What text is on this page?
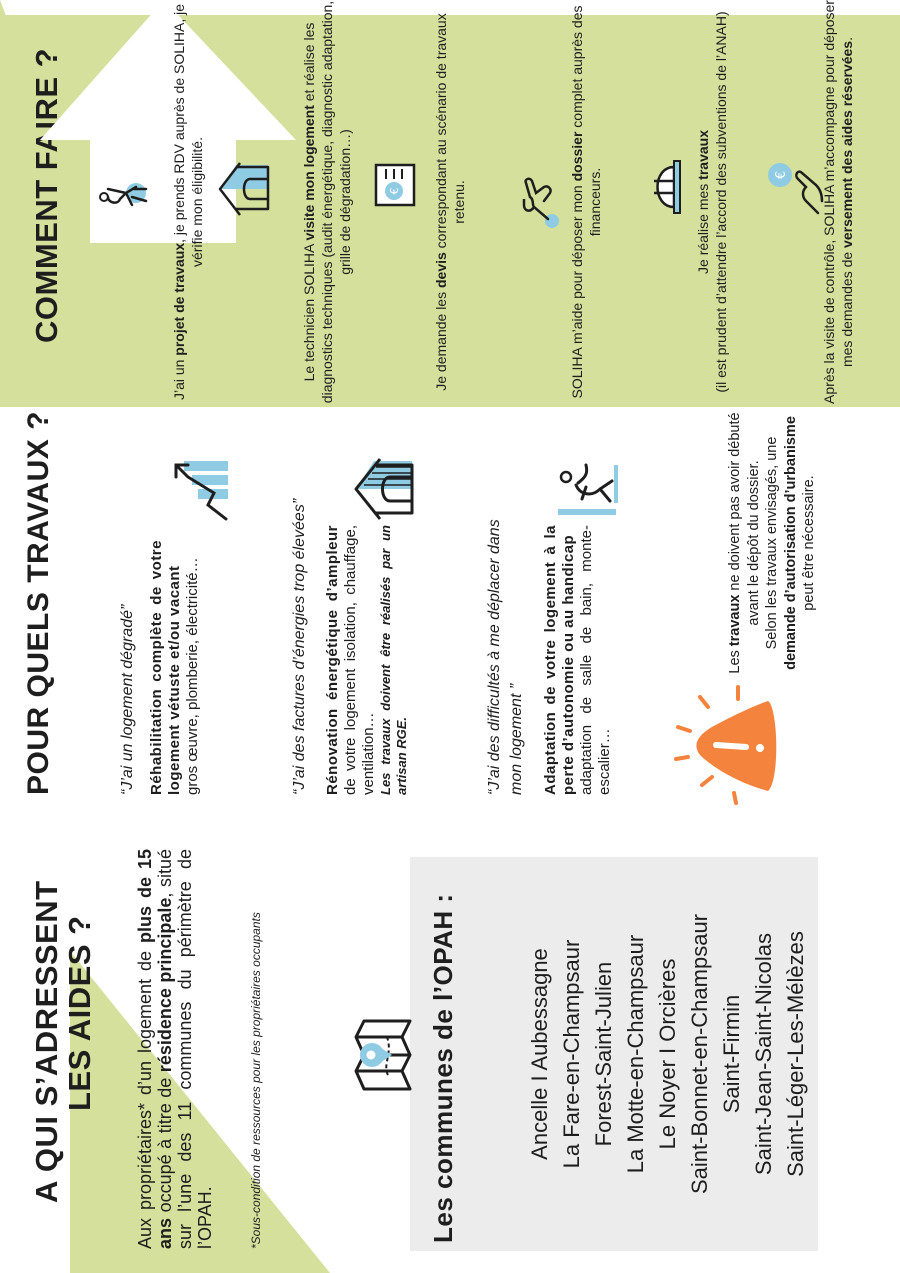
A QUI S’ADRESSENT
LES AIDES ? Aux propriétaires* d’un logement de plus de 15 ans occupé à titre de résidence principale, situé sur l’une des 11 communes du périmètre de l’OPAH.	*Sous-condition de ressources pour les propriétaires occupants	Les communes de l’OPAH :	Ancelle I Aubessagne La Fare-en-Champsaur Forest-Saint-Julien La Motte-en-Champsaur Le Noyer I Orcières Saint-Bonnet-en-Champsaur Saint-Firmin Saint-Jean-Saint-Nicolas Saint-Léger-Les-Mélèzes
POUR QUELS TRAVAUX ?	“J’ai un logement dégradé” Réhabilitation complète de votre logement vétuste et/ou vacant gros œuvre, plomberie, électricité…	“J’ai des factures d’énergies trop élevées” Rénovation énergétique d’ampleur de votre logement isolation, chauffage, ventilation… Les travaux doivent être réalisés par un artisan RGE.	“J’ai des difficultés à me déplacer dans mon logement ” Adaptation de votre logement à la perte d’autonomie ou au handicap adaptation de salle de bain, monte-escalier…
Les travaux ne doivent pas avoir débuté avant le dépôt du dossier. Selon les travaux envisagés, une demande d’autorisation d’urbanisme peut être nécessaire.
COMMENT FAIRE ?	€
€
J’ai un projet de travaux, je prends RDV auprès de SOLIHA, je vérifie mon éligibilité.
Le technicien SOLIHA visite mon logement et réalise les diagnostics techniques (audit énergétique, diagnostic adaptation, grille de dégradation…)
Je demande les devis correspondant au scénario de travaux retenu.	SOLIHA m’aide pour déposer mon dossier complet auprès des financeurs.	Je réalise mes travaux (il est prudent d’attendre l’accord des subventions de l’ANAH)	Après la visite de contrôle, SOLIHA m’accompagne pour déposer mes demandes de versement des aides réservées.
